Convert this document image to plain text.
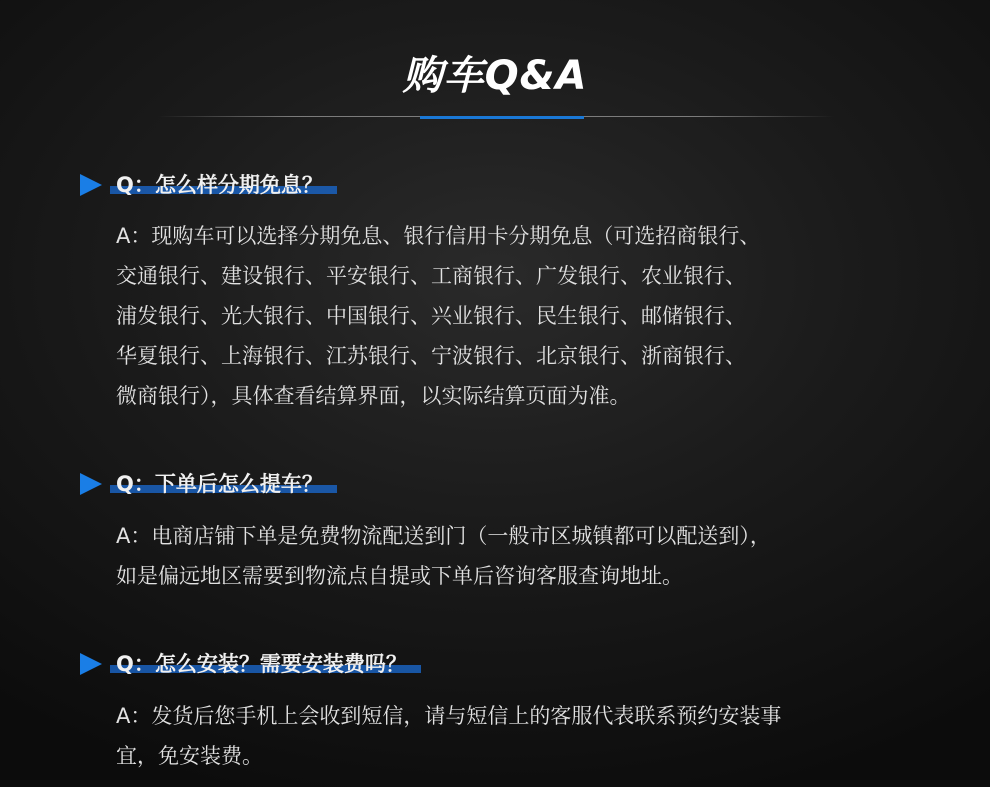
购车Q&A
Q：怎么样分期免息？
A：现购车可以选择分期免息、银行信用卡分期免息（可选招商银行、
交通银行、建设银行、平安银行、工商银行、广发银行、农业银行、
浦发银行、光大银行、中国银行、兴业银行、民生银行、邮储银行、
华夏银行、上海银行、江苏银行、宁波银行、北京银行、浙商银行、
微商银行），具体查看结算界面，以实际结算页面为准。
Q：下单后怎么提车？
A：电商店铺下单是免费物流配送到门（一般市区城镇都可以配送到），
如是偏远地区需要到物流点自提或下单后咨询客服查询地址。
Q：怎么安装？需要安装费吗？
A：发货后您手机上会收到短信，请与短信上的客服代表联系预约安装事
宜，免安装费。
